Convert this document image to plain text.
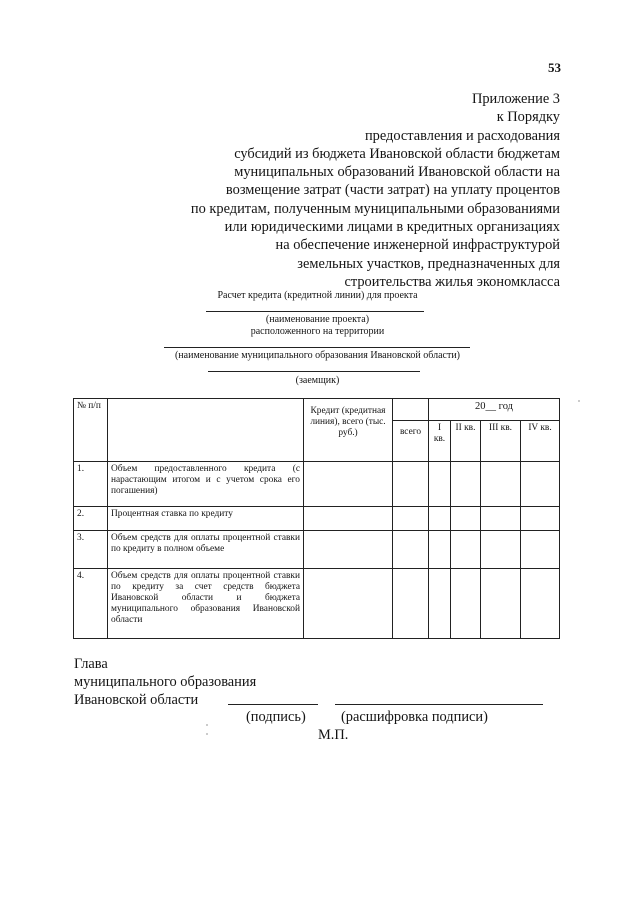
53
Приложение 3
к Порядку
предоставления и расходования
субсидий из бюджета Ивановской области бюджетам
муниципальных образований Ивановской области на
возмещение затрат (части затрат) на уплату процентов
по кредитам, полученным муниципальными образованиями
или юридическими лицами в кредитных организациях
на обеспечение инженерной инфраструктурой
земельных участков, предназначенных для
строительства жилья экономкласса
Расчет кредита (кредитной линии) для проекта
(наименование проекта)
расположенного на территории
(наименование муниципального образования Ивановской области)
(заемщик)
№ п/п		Кредит (кредитная линия), всего (тыс. руб.)		20__ год			
			всего	I кв.	II кв.	III кв.	IV кв.
1.	Объем предоставленного кредита (с нарастающим итогом и с учетом срока его погашения)						
2.	Процентная ставка по кредиту						
3.	Объем средств для оплаты процентной ставки по кредиту в полном объеме						
4.	Объем средств для оплаты процентной ставки по кредиту за счет средств бюджета Ивановской области и бюджета муниципального образования Ивановской области						
Глава
муниципального образования
Ивановской области
(подпись) (расшифровка подписи)
М.П.
